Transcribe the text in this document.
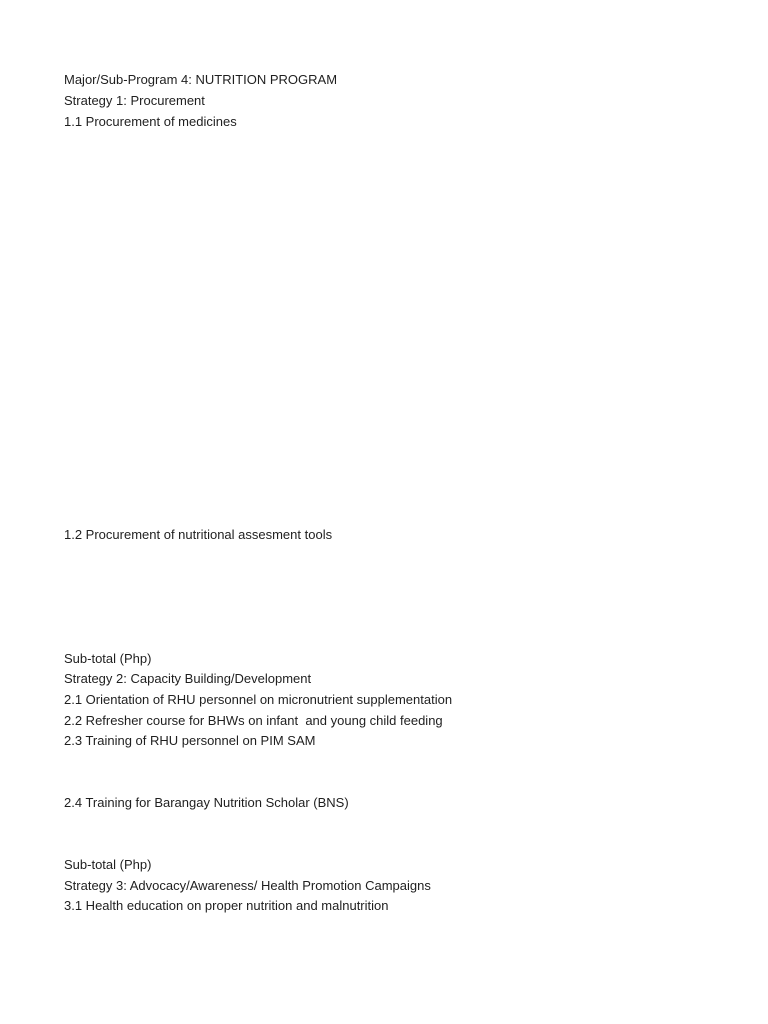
Major/Sub-Program 4: NUTRITION PROGRAM
Strategy 1: Procurement
1.1 Procurement of medicines
1.2 Procurement of nutritional assesment tools
Sub-total (Php)
Strategy 2: Capacity Building/Development
2.1 Orientation of RHU personnel on micronutrient supplementation
2.2 Refresher course for BHWs on infant  and young child feeding
2.3 Training of RHU personnel on PIM SAM
2.4 Training for Barangay Nutrition Scholar (BNS)
Sub-total (Php)
Strategy 3: Advocacy/Awareness/ Health Promotion Campaigns
3.1 Health education on proper nutrition and malnutrition
